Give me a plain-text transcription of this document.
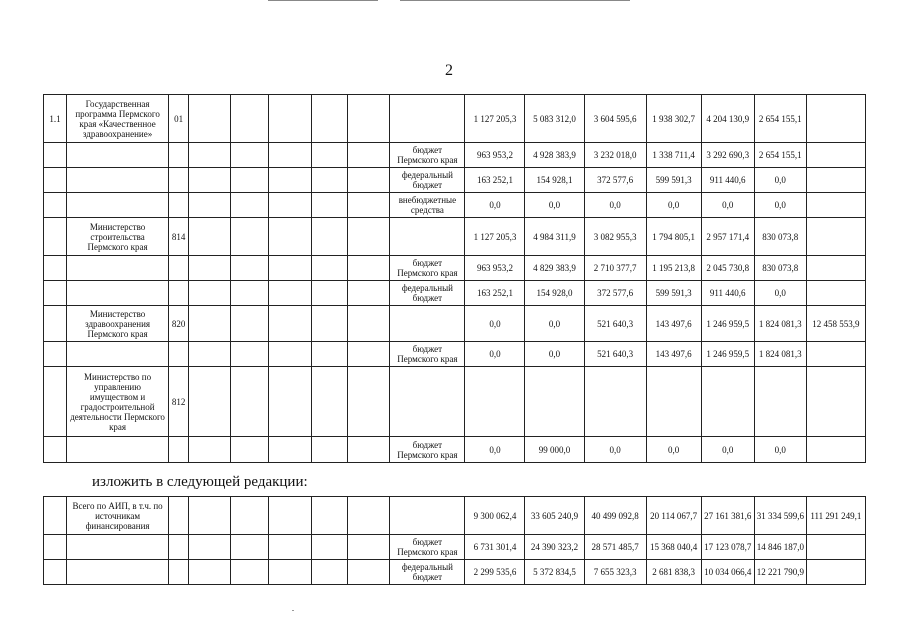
2
1.1	Государственная программа Пермского края «Качественное здравоохранение»	01							1 127 205,3	5 083 312,0	3 604 595,6	1 938 302,7	4 204 130,9	2 654 155,1	
								бюджет Пермского края	963 953,2	4 928 383,9	3 232 018,0	1 338 711,4	3 292 690,3	2 654 155,1	
								федеральный бюджет	163 252,1	154 928,1	372 577,6	599 591,3	911 440,6	0,0	
								внебюджетные средства	0,0	0,0	0,0	0,0	0,0	0,0	
	Министерство строительства Пермского края	814							1 127 205,3	4 984 311,9	3 082 955,3	1 794 805,1	2 957 171,4	830 073,8	
								бюджет Пермского края	963 953,2	4 829 383,9	2 710 377,7	1 195 213,8	2 045 730,8	830 073,8	
								федеральный бюджет	163 252,1	154 928,0	372 577,6	599 591,3	911 440,6	0,0	
	Министерство здравоохранения Пермского края	820							0,0	0,0	521 640,3	143 497,6	1 246 959,5	1 824 081,3	12 458 553,9
								бюджет Пермского края	0,0	0,0	521 640,3	143 497,6	1 246 959,5	1 824 081,3	
	Министерство по управлению имуществом и градостроительной деятельности Пермского края	812													
								бюджет Пермского края	0,0	99 000,0	0,0	0,0	0,0	0,0	
изложить в следующей редакции:
	Всего по АИП, в т.ч. по источникам финансирования								9 300 062,4	33 605 240,9	40 499 092,8	20 114 067,7	27 161 381,6	31 334 599,6	111 291 249,1
								бюджет Пермского края	6 731 301,4	24 390 323,2	28 571 485,7	15 368 040,4	17 123 078,7	14 846 187,0	
								федеральный бюджет	2 299 535,6	5 372 834,5	7 655 323,3	2 681 838,3	10 034 066,4	12 221 790,9	
